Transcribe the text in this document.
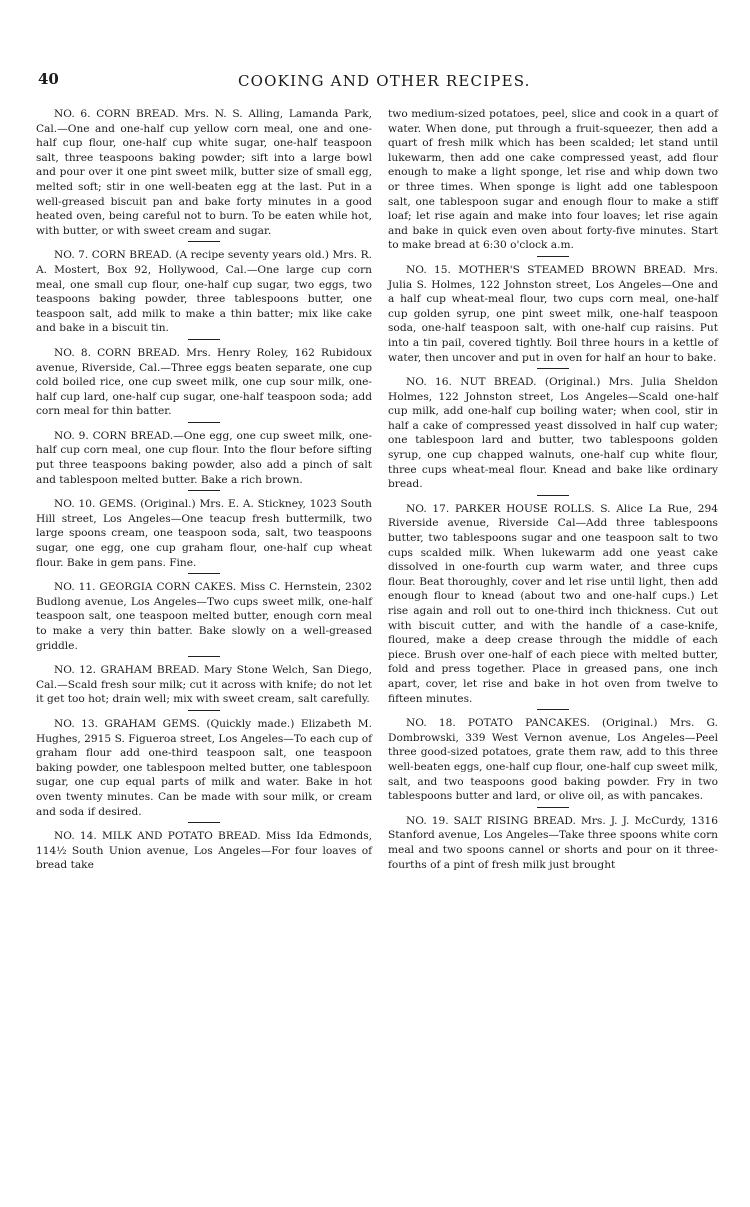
40	COOKING AND OTHER RECIPES.

NO. 6. CORN BREAD. Mrs. N. S. Alling, Lamanda Park, Cal.—One and one-half cup yellow corn meal, one and one-half cup flour, one-half cup white sugar, one-half teaspoon salt, three teaspoons baking powder; sift into a large bowl and pour over it one pint sweet milk, butter size of small egg, melted soft; stir in one well-beaten egg at the last. Put in a well-greased biscuit pan and bake forty minutes in a good heated oven, being careful not to burn. To be eaten while hot, with butter, or with sweet cream and sugar.

NO. 7. CORN BREAD. (A recipe seventy years old.) Mrs. R. A. Mostert, Box 92, Hollywood, Cal.—One large cup corn meal, one small cup flour, one-half cup sugar, two eggs, two teaspoons baking powder, three tablespoons butter, one teaspoon salt, add milk to make a thin batter; mix like cake and bake in a biscuit tin.

NO. 8. CORN BREAD. Mrs. Henry Roley, 162 Rubidoux avenue, Riverside, Cal.—Three eggs beaten separate, one cup cold boiled rice, one cup sweet milk, one cup sour milk, one-half cup lard, one-half cup sugar, one-half teaspoon soda; add corn meal for thin batter.

NO. 9. CORN BREAD.—One egg, one cup sweet milk, one-half cup corn meal, one cup flour. Into the flour before sifting put three teaspoons baking powder, also add a pinch of salt and tablespoon melted butter. Bake a rich brown.

NO. 10. GEMS. (Original.) Mrs. E. A. Stickney, 1023 South Hill street, Los Angeles—One teacup fresh buttermilk, two large spoons cream, one teaspoon soda, salt, two teaspoons sugar, one egg, one cup graham flour, one-half cup wheat flour. Bake in gem pans. Fine.

NO. 11. GEORGIA CORN CAKES. Miss C. Hernstein, 2302 Budlong avenue, Los Angeles—Two cups sweet milk, one-half teaspoon salt, one teaspoon melted butter, enough corn meal to make a very thin batter. Bake slowly on a well-greased griddle.

NO. 12. GRAHAM BREAD. Mary Stone Welch, San Diego, Cal.—Scald fresh sour milk; cut it across with knife; do not let it get too hot; drain well; mix with sweet cream, salt carefully.

NO. 13. GRAHAM GEMS. (Quickly made.) Elizabeth M. Hughes, 2915 S. Figueroa street, Los Angeles—To each cup of graham flour add one-third teaspoon salt, one teaspoon baking powder, one tablespoon melted butter, one tablespoon sugar, one cup equal parts of milk and water. Bake in hot oven twenty minutes. Can be made with sour milk, or cream and soda if desired.

NO. 14. MILK AND POTATO BREAD. Miss Ida Edmonds, 114½ South Union avenue, Los Angeles—For four loaves of bread take

two medium-sized potatoes, peel, slice and cook in a quart of water. When done, put through a fruit-squeezer, then add a quart of fresh milk which has been scalded; let stand until lukewarm, then add one cake compressed yeast, add flour enough to make a light sponge, let rise and whip down two or three times. When sponge is light add one tablespoon salt, one tablespoon sugar and enough flour to make a stiff loaf; let rise again and make into four loaves; let rise again and bake in quick even oven about forty-five minutes. Start to make bread at 6:30 o'clock a.m.

NO. 15. MOTHER'S STEAMED BROWN BREAD. Mrs. Julia S. Holmes, 122 Johnston street, Los Angeles—One and a half cup wheat-meal flour, two cups corn meal, one-half cup golden syrup, one pint sweet milk, one-half teaspoon soda, one-half teaspoon salt, with one-half cup raisins. Put into a tin pail, covered tightly. Boil three hours in a kettle of water, then uncover and put in oven for half an hour to bake.

NO. 16. NUT BREAD. (Original.) Mrs. Julia Sheldon Holmes, 122 Johnston street, Los Angeles—Scald one-half cup milk, add one-half cup boiling water; when cool, stir in half a cake of compressed yeast dissolved in half cup water; one tablespoon lard and butter, two tablespoons golden syrup, one cup chapped walnuts, one-half cup white flour, three cups wheat-meal flour. Knead and bake like ordinary bread.

NO. 17. PARKER HOUSE ROLLS. S. Alice La Rue, 294 Riverside avenue, Riverside Cal—Add three tablespoons butter, two tablespoons sugar and one teaspoon salt to two cups scalded milk. When lukewarm add one yeast cake dissolved in one-fourth cup warm water, and three cups flour. Beat thoroughly, cover and let rise until light, then add enough flour to knead (about two and one-half cups.) Let rise again and roll out to one-third inch thickness. Cut out with biscuit cutter, and with the handle of a case-knife, floured, make a deep crease through the middle of each piece. Brush over one-half of each piece with melted butter, fold and press together. Place in greased pans, one inch apart, cover, let rise and bake in hot oven from twelve to fifteen minutes.

NO. 18. POTATO PANCAKES. (Original.) Mrs. G. Dombrowski, 339 West Vernon avenue, Los Angeles—Peel three good-sized potatoes, grate them raw, add to this three well-beaten eggs, one-half cup flour, one-half cup sweet milk, salt, and two teaspoons good baking powder. Fry in two tablespoons butter and lard, or olive oil, as with pancakes.

NO. 19. SALT RISING BREAD. Mrs. J. J. McCurdy, 1316 Stanford avenue, Los Angeles—Take three spoons white corn meal and two spoons cannel or shorts and pour on it three-fourths of a pint of fresh milk just brought
